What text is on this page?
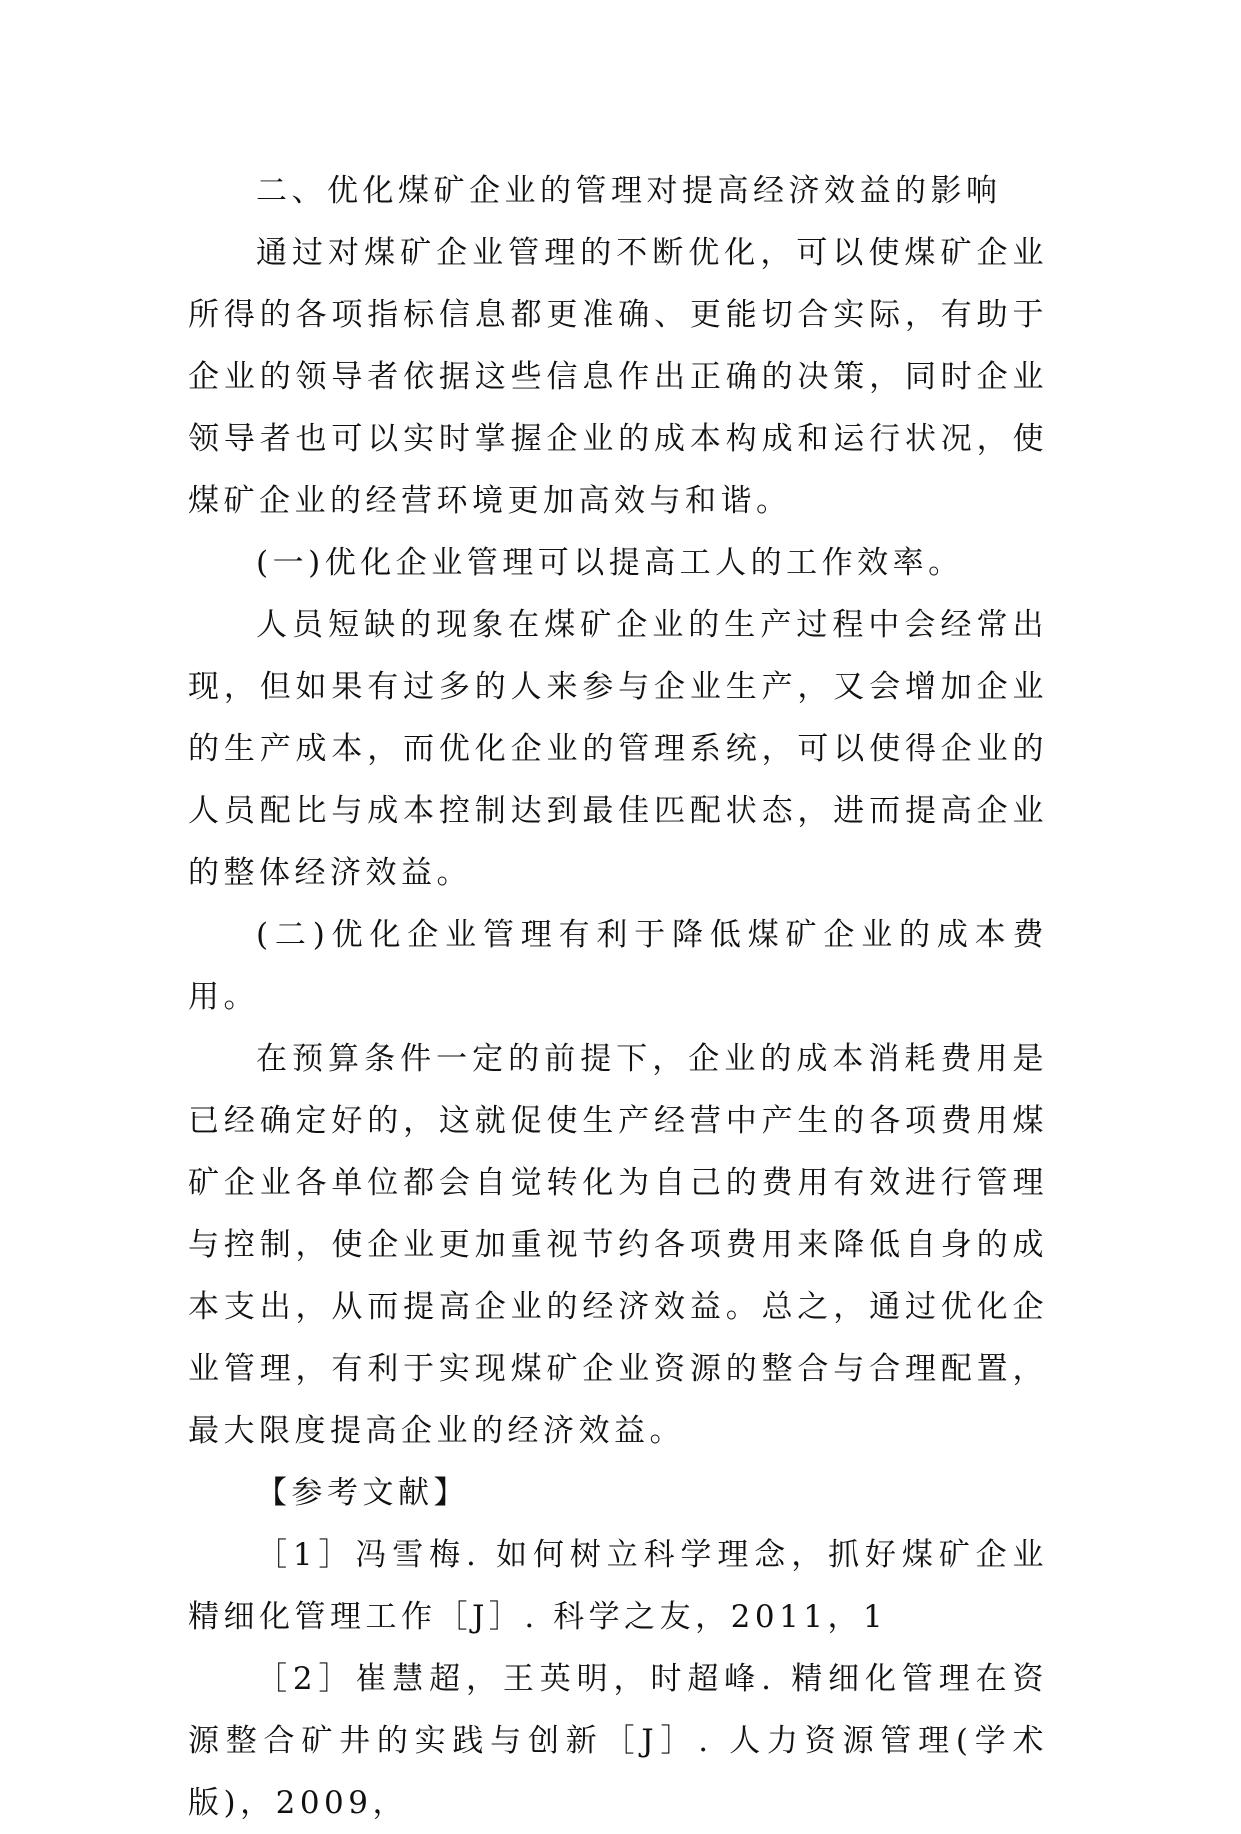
二、优化煤矿企业的管理对提高经济效益的影响

通过对煤矿企业管理的不断优化，可以使煤矿企业所得的各项指标信息都更准确、更能切合实际，有助于企业的领导者依据这些信息作出正确的决策，同时企业领导者也可以实时掌握企业的成本构成和运行状况，使煤矿企业的经营环境更加高效与和谐。

(一)优化企业管理可以提高工人的工作效率。

人员短缺的现象在煤矿企业的生产过程中会经常出现，但如果有过多的人来参与企业生产，又会增加企业的生产成本，而优化企业的管理系统，可以使得企业的人员配比与成本控制达到最佳匹配状态，进而提高企业的整体经济效益。

(二)优化企业管理有利于降低煤矿企业的成本费用。

在预算条件一定的前提下，企业的成本消耗费用是已经确定好的，这就促使生产经营中产生的各项费用煤矿企业各单位都会自觉转化为自己的费用有效进行管理与控制，使企业更加重视节约各项费用来降低自身的成本支出，从而提高企业的经济效益。总之，通过优化企业管理，有利于实现煤矿企业资源的整合与合理配置，最大限度提高企业的经济效益。

【参考文献】

［1］冯雪梅. 如何树立科学理念，抓好煤矿企业精细化管理工作［J］. 科学之友，2011，1

［2］崔慧超，王英明，时超峰. 精细化管理在资源整合矿井的实践与创新［J］. 人力资源管理(学术版)，2009，
